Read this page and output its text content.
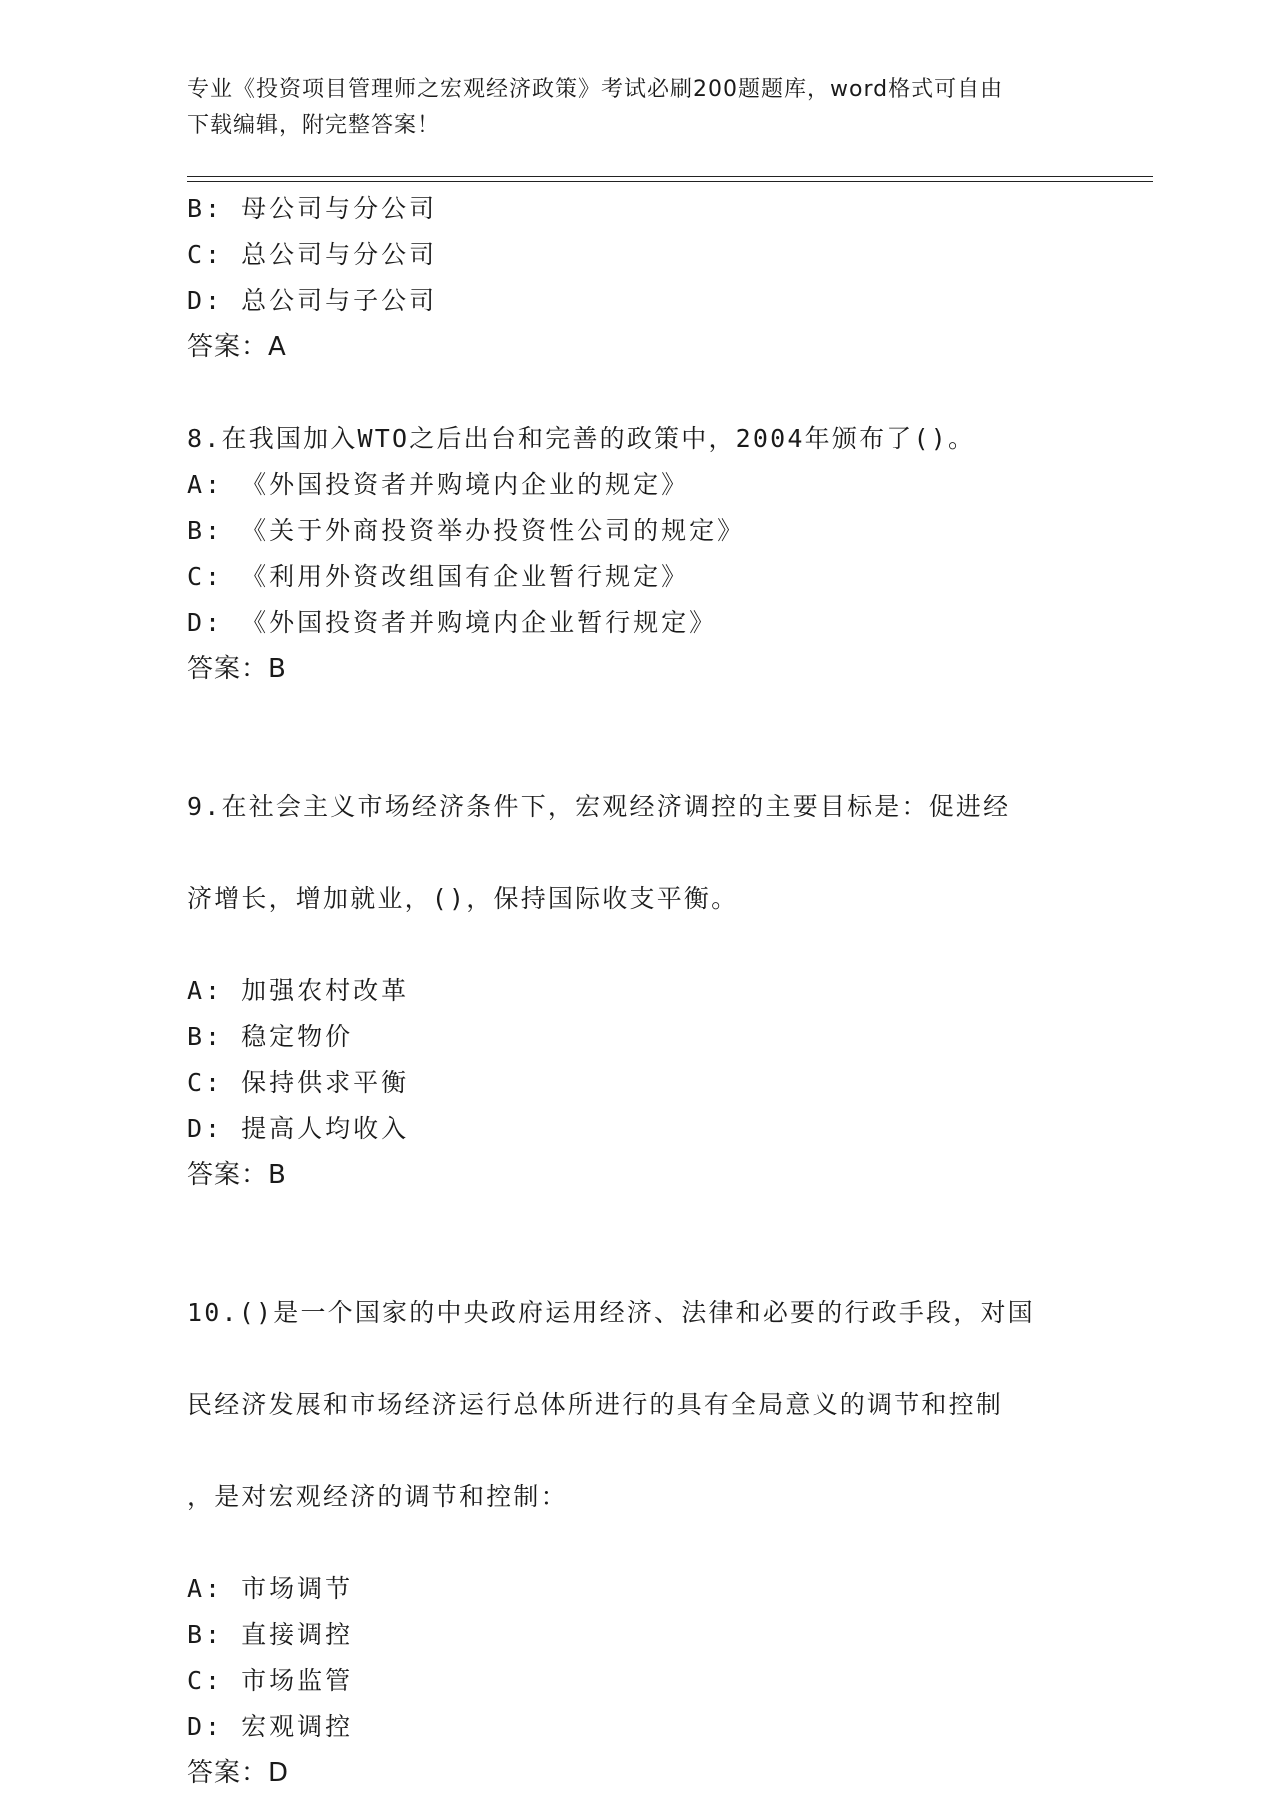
专业《投资项目管理师之宏观经济政策》考试必刷200题题库，word格式可自由
下载编辑，附完整答案！
B: 母公司与分公司
C: 总公司与分公司
D: 总公司与子公司
答案：A
8.在我国加入WTO之后出台和完善的政策中，2004年颁布了()。
A: 《外国投资者并购境内企业的规定》
B: 《关于外商投资举办投资性公司的规定》
C: 《利用外资改组国有企业暂行规定》
D: 《外国投资者并购境内企业暂行规定》
答案：B

9.在社会主义市场经济条件下，宏观经济调控的主要目标是：促进经

济增长，增加就业，()，保持国际收支平衡。

A: 加强农村改革
B: 稳定物价
C: 保持供求平衡
D: 提高人均收入
答案：B

10.()是一个国家的中央政府运用经济、法律和必要的行政手段，对国

民经济发展和市场经济运行总体所进行的具有全局意义的调节和控制

，是对宏观经济的调节和控制：

A: 市场调节
B: 直接调控
C: 市场监管
D: 宏观调控
答案：D
